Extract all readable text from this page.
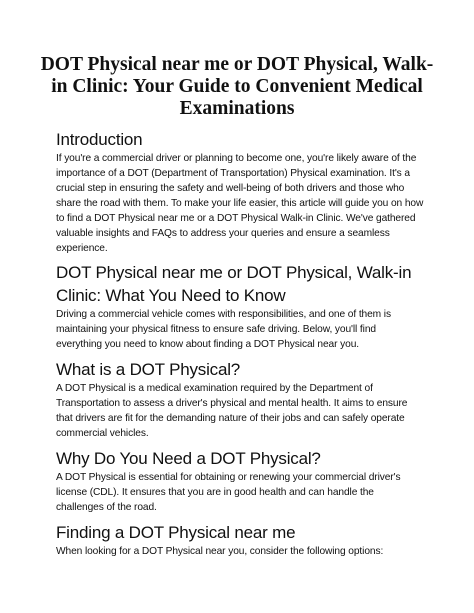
DOT Physical near me or DOT Physical, Walk-in Clinic: Your Guide to Convenient Medical Examinations
Introduction

If you're a commercial driver or planning to become one, you're likely aware of the importance of a DOT (Department of Transportation) Physical examination. It's a crucial step in ensuring the safety and well-being of both drivers and those who share the road with them. To make your life easier, this article will guide you on how to find a DOT Physical near me or a DOT Physical Walk-in Clinic. We've gathered valuable insights and FAQs to address your queries and ensure a seamless experience.

DOT Physical near me or DOT Physical, Walk-in Clinic: What You Need to Know

Driving a commercial vehicle comes with responsibilities, and one of them is maintaining your physical fitness to ensure safe driving. Below, you'll find everything you need to know about finding a DOT Physical near you.

What is a DOT Physical?

A DOT Physical is a medical examination required by the Department of Transportation to assess a driver's physical and mental health. It aims to ensure that drivers are fit for the demanding nature of their jobs and can safely operate commercial vehicles.

Why Do You Need a DOT Physical?

A DOT Physical is essential for obtaining or renewing your commercial driver's license (CDL). It ensures that you are in good health and can handle the challenges of the road.

Finding a DOT Physical near me

When looking for a DOT Physical near you, consider the following options:
